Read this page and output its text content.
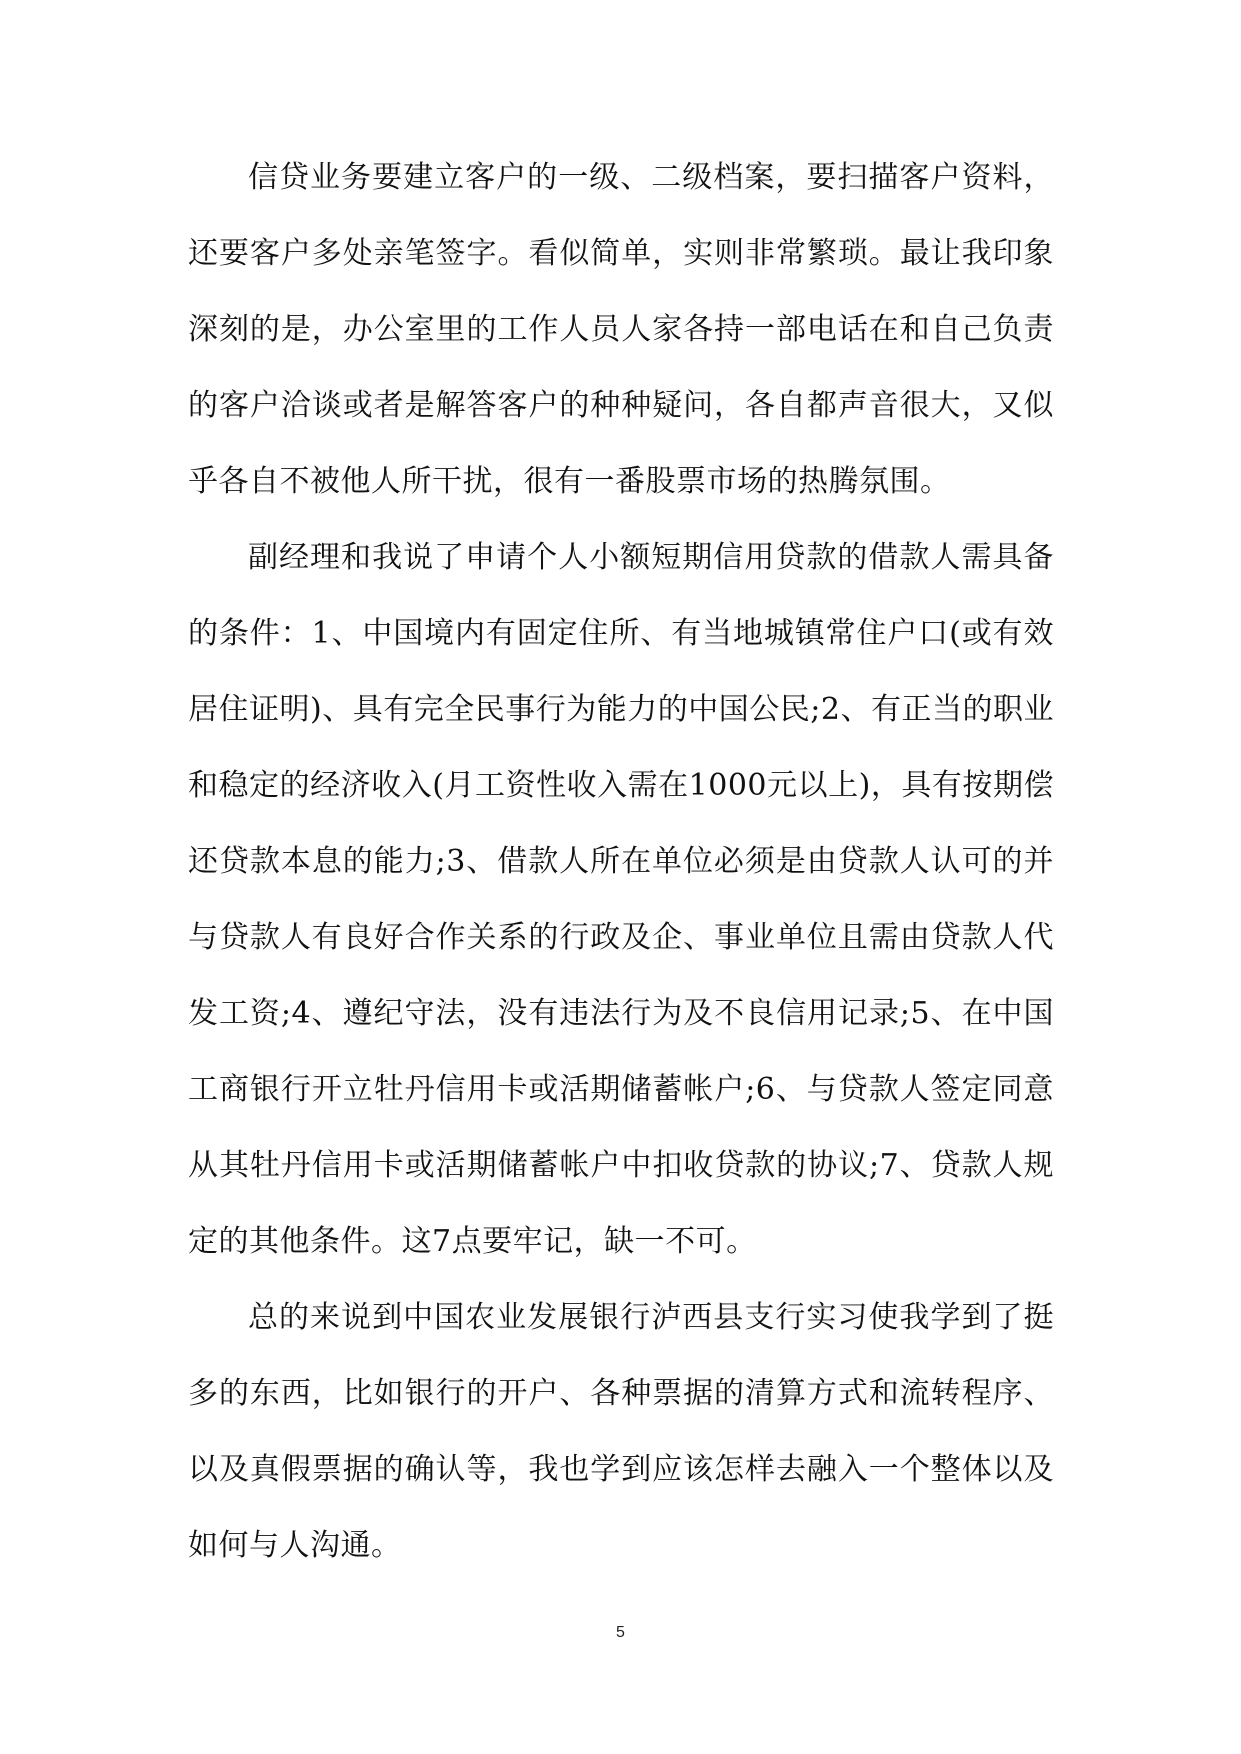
信贷业务要建立客户的一级、二级档案，要扫描客户资料，还要客户多处亲笔签字。看似简单，实则非常繁琐。最让我印象深刻的是，办公室里的工作人员人家各持一部电话在和自己负责的客户洽谈或者是解答客户的种种疑问，各自都声音很大，又似乎各自不被他人所干扰，很有一番股票市场的热腾氛围。

副经理和我说了申请个人小额短期信用贷款的借款人需具备的条件：1、中国境内有固定住所、有当地城镇常住户口(或有效居住证明)、具有完全民事行为能力的中国公民;2、有正当的职业和稳定的经济收入(月工资性收入需在1000元以上)，具有按期偿还贷款本息的能力;3、借款人所在单位必须是由贷款人认可的并与贷款人有良好合作关系的行政及企、事业单位且需由贷款人代发工资;4、遵纪守法，没有违法行为及不良信用记录;5、在中国工商银行开立牡丹信用卡或活期储蓄帐户;6、与贷款人签定同意从其牡丹信用卡或活期储蓄帐户中扣收贷款的协议;7、贷款人规定的其他条件。这7点要牢记，缺一不可。

总的来说到中国农业发展银行泸西县支行实习使我学到了挺多的东西，比如银行的开户、各种票据的清算方式和流转程序、以及真假票据的确认等，我也学到应该怎样去融入一个整体以及如何与人沟通。

5
